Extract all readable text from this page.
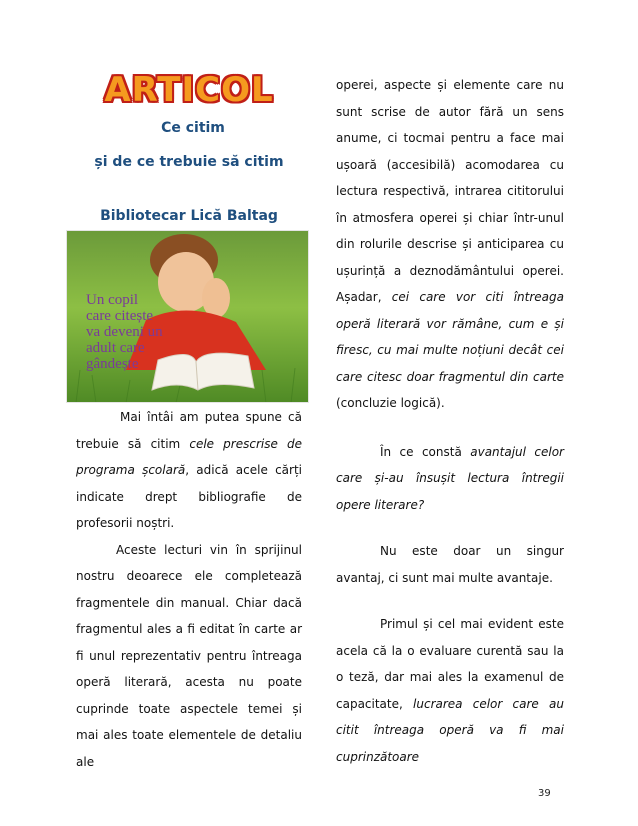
ARTICOL
Ce citim
și de ce trebuie să citim
Bibliotecar Lică Baltag
Un copil
care citește
va deveni un
adult care
gândește

Mai întâi am putea spune că trebuie să citim cele prescrise de programa școlară, adică acele cărți indicate drept bibliografie de profesorii noștri.

Aceste lecturi vin în sprijinul nostru deoarece ele completează fragmentele din manual. Chiar dacă fragmentul ales a fi editat în carte ar fi unul reprezentativ pentru întreaga operă literară, acesta nu poate cuprinde toate aspectele temei și mai ales toate elementele de detaliu ale

operei, aspecte și elemente care nu sunt scrise de autor fără un sens anume, ci tocmai pentru a face mai ușoară (accesibilă) acomodarea cu lectura respectivă, intrarea cititorului în atmosfera operei și chiar într-unul din rolurile descrise și anticiparea cu ușurință a deznodământului operei. Așadar, cei care vor citi întreaga operă literară vor rămâne, cum e și firesc, cu mai multe noțiuni decât cei care citesc doar fragmentul din carte (concluzie logică).

În ce constă avantajul celor care și-au însușit lectura întregii opere literare?

Nu este doar un singur avantaj, ci sunt mai multe avantaje.

Primul și cel mai evident este acela că la o evaluare curentă sau la o teză, dar mai ales la examenul de capacitate, lucrarea celor care au citit întreaga operă va fi mai cuprinzătoare

39
